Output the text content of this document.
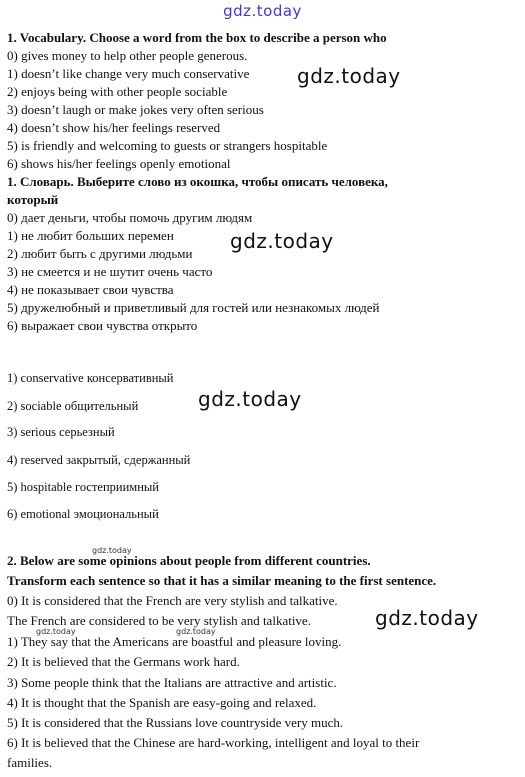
gdz.today
1. Vocabulary. Choose a word from the box to describe a person who
0) gives money to help other people generous.
1) doesn’t like change very much conservative
2) enjoys being with other people sociable
3) doesn’t laugh or make jokes very often serious
4) doesn’t show his/her feelings reserved
5) is friendly and welcoming to guests or strangers hospitable
6) shows his/her feelings openly emotional
1. Словарь. Выберите слово из окошка, чтобы описать человека,
который
0) дает деньги, чтобы помочь другим людям
1) не любит больших перемен
2) любит быть с другими людьми
3) не смеется и не шутит очень часто
4) не показывает свои чувства
5) дружелюбный и приветливый для гостей или незнакомых людей
6) выражает свои чувства открыто
1) conservative консервативный
2) sociable общительный
3) serious серьезный
4) reserved закрытый, сдержанный
5) hospitable гостеприимный
6) emotional эмоциональный
2. Below are some opinions about people from different countries.
Transform each sentence so that it has a similar meaning to the first sentence.
0) It is considered that the French are very stylish and talkative.
The French are considered to be very stylish and talkative.
1) They say that the Americans are boastful and pleasure loving.
2) It is believed that the Germans work hard.
3) Some people think that the Italians are attractive and artistic.
4) It is thought that the Spanish are easy-going and relaxed.
5) It is considered that the Russians love countryside very much.
6) It is believed that the Chinese are hard-working, intelligent and loyal to their
families.
gdz.today
gdz.today
gdz.today
gdz.today
gdz.today
gdz.today	gdz.today
